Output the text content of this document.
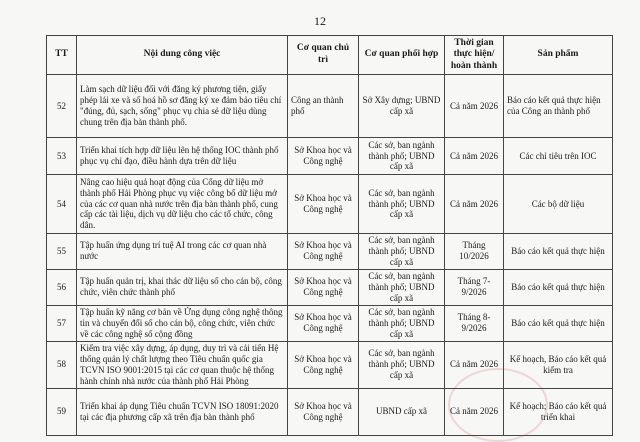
12
TT	Nội dung công việc	Cơ quan chủ trì	Cơ quan phối hợp	Thời gian thực hiện/ hoàn thành	Sản phẩm
52	Làm sạch dữ liệu đối với đăng ký phương tiện, giấy phép lái xe và số hoá hồ sơ đăng ký xe đảm bảo tiêu chí "đúng, đủ, sạch, sống" phục vụ chia sẻ dữ liệu dùng chung trên địa bàn thành phố.	Công an thành phố	Sở Xây dựng; UBND cấp xã	Cả năm 2026	Báo cáo kết quả thực hiện của Công an thành phố
53	Triển khai tích hợp dữ liệu lên hệ thống IOC thành phố phục vụ chỉ đạo, điều hành dựa trên dữ liệu	Sở Khoa học và Công nghệ	Các sở, ban ngành thành phố; UBND cấp xã	Cả năm 2026	Các chỉ tiêu trên IOC
54	Nâng cao hiệu quả hoạt động của Cổng dữ liệu mở thành phố Hải Phòng phục vụ việc công bố dữ liệu mở của các cơ quan nhà nước trên địa bàn thành phố, cung cấp các tài liệu, dịch vụ dữ liệu cho các tổ chức, công dân.	Sở Khoa học và Công nghệ	Các sở, ban ngành thành phố; UBND cấp xã	Cả năm 2026	Các bộ dữ liệu
55	Tập huấn ứng dụng trí tuệ AI trong các cơ quan nhà nước	Sở Khoa học và Công nghệ	Các sở, ban ngành thành phố; UBND cấp xã	Tháng 10/2026	Báo cáo kết quả thực hiện
56	Tập huấn quản trị, khai thác dữ liệu số cho cán bộ, công chức, viên chức thành phố	Sở Khoa học và Công nghệ	Các sở, ban ngành thành phố; UBND cấp xã	Tháng 7-9/2026	Báo cáo kết quả thực hiện
57	Tập huấn kỹ năng cơ bản về Ứng dụng công nghệ thông tin và chuyển đổi số cho cán bộ, công chức, viên chức về các công nghệ số cộng đồng	Sở Khoa học và Công nghệ	Các sở, ban ngành thành phố; UBND cấp xã	Tháng 8-9/2026	Báo cáo kết quả thực hiện
58	Kiểm tra việc xây dựng, áp dụng, duy trì và cải tiến Hệ thống quản lý chất lượng theo Tiêu chuẩn quốc gia TCVN ISO 9001:2015 tại các cơ quan thuộc hệ thống hành chính nhà nước của thành phố Hải Phòng	Sở Khoa học và Công nghệ	Các sở, ban ngành thành phố; UBND cấp xã	Cả năm 2026	Kế hoạch, Báo cáo kết quả kiểm tra
59	Triển khai áp dụng Tiêu chuẩn TCVN ISO 18091:2020 tại các địa phương cấp xã trên địa bàn thành phố	Sở Khoa học và Công nghệ	UBND cấp xã	Cả năm 2026	Kế hoạch; Báo cáo kết quả triển khai
